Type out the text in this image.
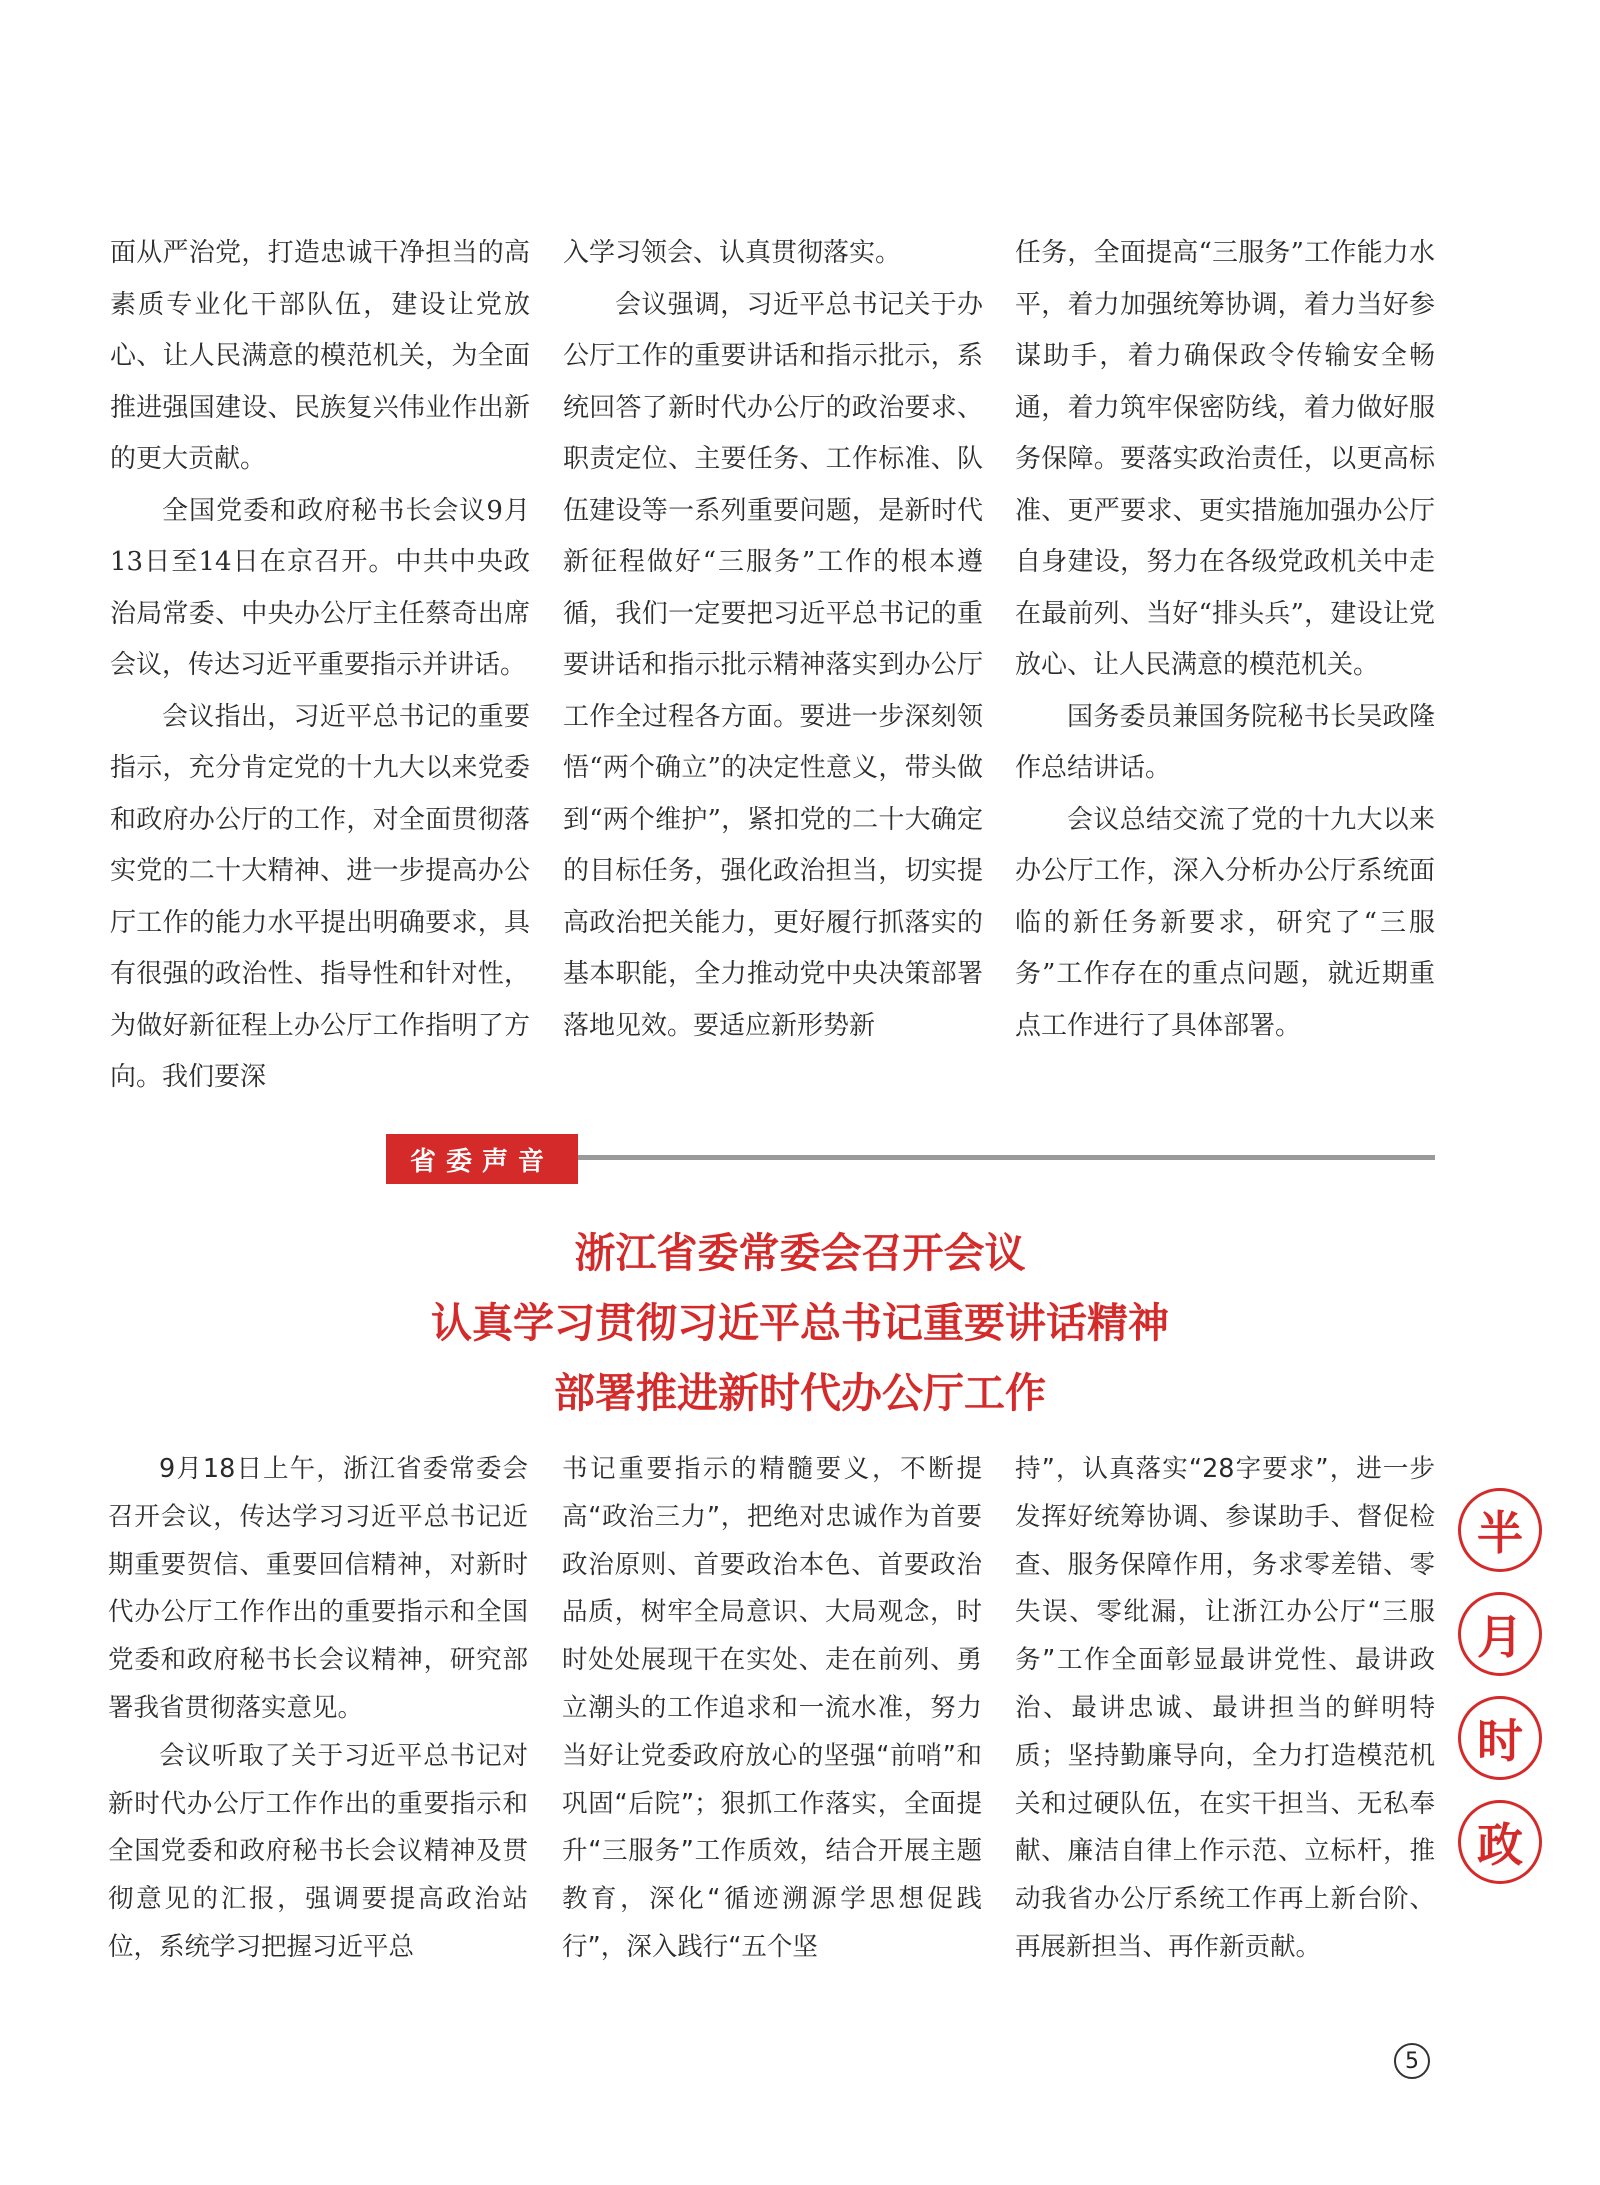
面从严治党，打造忠诚干净担当的高素质专业化干部队伍，建设让党放心、让人民满意的模范机关，为全面推进强国建设、民族复兴伟业作出新的更大贡献。

全国党委和政府秘书长会议9月13日至14日在京召开。中共中央政治局常委、中央办公厅主任蔡奇出席会议，传达习近平重要指示并讲话。

会议指出，习近平总书记的重要指示，充分肯定党的十九大以来党委和政府办公厅的工作，对全面贯彻落实党的二十大精神、进一步提高办公厅工作的能力水平提出明确要求，具有很强的政治性、指导性和针对性，为做好新征程上办公厅工作指明了方向。我们要深

入学习领会、认真贯彻落实。

会议强调，习近平总书记关于办公厅工作的重要讲话和指示批示，系统回答了新时代办公厅的政治要求、职责定位、主要任务、工作标准、队伍建设等一系列重要问题，是新时代新征程做好“三服务”工作的根本遵循，我们一定要把习近平总书记的重要讲话和指示批示精神落实到办公厅工作全过程各方面。要进一步深刻领悟“两个确立”的决定性意义，带头做到“两个维护”，紧扣党的二十大确定的目标任务，强化政治担当，切实提高政治把关能力，更好履行抓落实的基本职能，全力推动党中央决策部署落地见效。要适应新形势新

任务，全面提高“三服务”工作能力水平，着力加强统筹协调，着力当好参谋助手，着力确保政令传输安全畅通，着力筑牢保密防线，着力做好服务保障。要落实政治责任，以更高标准、更严要求、更实措施加强办公厅自身建设，努力在各级党政机关中走在最前列、当好“排头兵”，建设让党放心、让人民满意的模范机关。

国务委员兼国务院秘书长吴政隆作总结讲话。

会议总结交流了党的十九大以来办公厅工作，深入分析办公厅系统面临的新任务新要求，研究了“三服务”工作存在的重点问题，就近期重点工作进行了具体部署。

省委声音
浙江省委常委会召开会议
认真学习贯彻习近平总书记重要讲话精神
部署推进新时代办公厅工作

9月18日上午，浙江省委常委会召开会议，传达学习习近平总书记近期重要贺信、重要回信精神，对新时代办公厅工作作出的重要指示和全国党委和政府秘书长会议精神，研究部署我省贯彻落实意见。

会议听取了关于习近平总书记对新时代办公厅工作作出的重要指示和全国党委和政府秘书长会议精神及贯彻意见的汇报，强调要提高政治站位，系统学习把握习近平总

书记重要指示的精髓要义，不断提高“政治三力”，把绝对忠诚作为首要政治原则、首要政治本色、首要政治品质，树牢全局意识、大局观念，时时处处展现干在实处、走在前列、勇立潮头的工作追求和一流水准，努力当好让党委政府放心的坚强“前哨”和巩固“后院”；狠抓工作落实，全面提升“三服务”工作质效，结合开展主题教育，深化“循迹溯源学思想促践行”，深入践行“五个坚

持”，认真落实“28字要求”，进一步发挥好统筹协调、参谋助手、督促检查、服务保障作用，务求零差错、零失误、零纰漏，让浙江办公厅“三服务”工作全面彰显最讲党性、最讲政治、最讲忠诚、最讲担当的鲜明特质；坚持勤廉导向，全力打造模范机关和过硬队伍，在实干担当、无私奉献、廉洁自律上作示范、立标杆，推动我省办公厅系统工作再上新台阶、再展新担当、再作新贡献。

半
月
时
政
5
